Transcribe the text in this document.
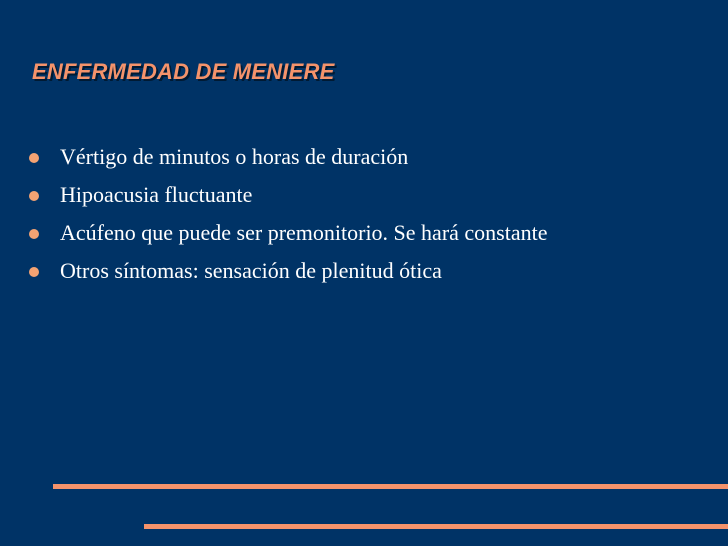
ENFERMEDAD DE MENIERE
Vértigo de minutos o horas de duración
Hipoacusia fluctuante
Acúfeno que puede ser premonitorio. Se hará constante
Otros síntomas: sensación de plenitud ótica
